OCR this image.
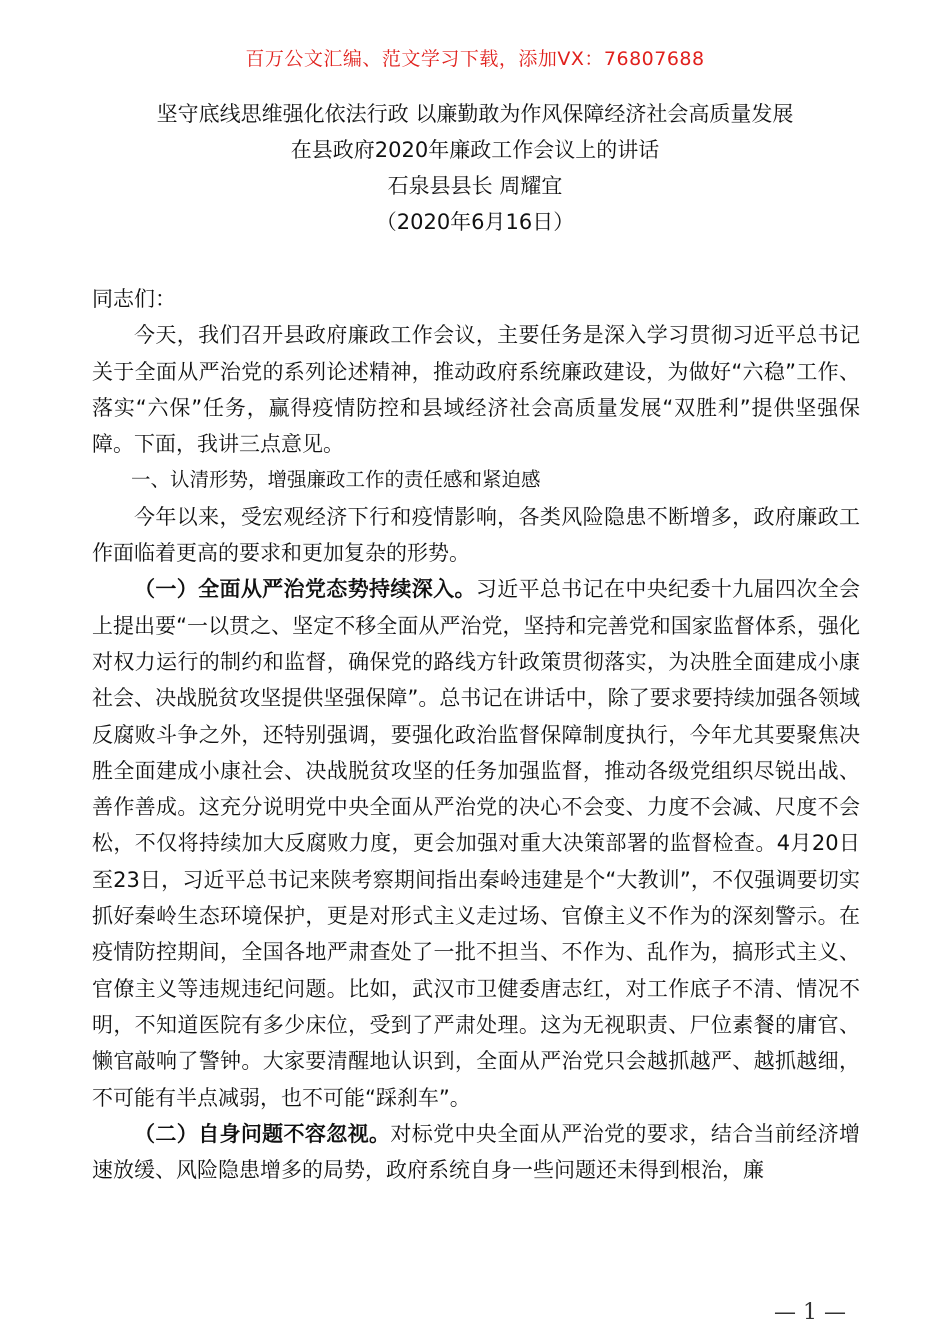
百万公文汇编、范文学习下载，添加VX：76807688
坚守底线思维强化依法行政 以廉勤敢为作风保障经济社会高质量发展
在县政府2020年廉政工作会议上的讲话
石泉县县长 周耀宜
（2020年6月16日）

同志们：

今天，我们召开县政府廉政工作会议，主要任务是深入学习贯彻习近平总书记关于全面从严治党的系列论述精神，推动政府系统廉政建设，为做好“六稳”工作、落实“六保”任务，赢得疫情防控和县域经济社会高质量发展“双胜利”提供坚强保障。下面，我讲三点意见。

一、认清形势，增强廉政工作的责任感和紧迫感

今年以来，受宏观经济下行和疫情影响，各类风险隐患不断增多，政府廉政工作面临着更高的要求和更加复杂的形势。

（一）全面从严治党态势持续深入。习近平总书记在中央纪委十九届四次全会上提出要“一以贯之、坚定不移全面从严治党，坚持和完善党和国家监督体系，强化对权力运行的制约和监督，确保党的路线方针政策贯彻落实，为决胜全面建成小康社会、决战脱贫攻坚提供坚强保障”。总书记在讲话中，除了要求要持续加强各领域反腐败斗争之外，还特别强调，要强化政治监督保障制度执行，今年尤其要聚焦决胜全面建成小康社会、决战脱贫攻坚的任务加强监督，推动各级党组织尽锐出战、善作善成。这充分说明党中央全面从严治党的决心不会变、力度不会减、尺度不会松，不仅将持续加大反腐败力度，更会加强对重大决策部署的监督检查。4月20日至23日，习近平总书记来陕考察期间指出秦岭违建是个“大教训”，不仅强调要切实抓好秦岭生态环境保护，更是对形式主义走过场、官僚主义不作为的深刻警示。在疫情防控期间，全国各地严肃查处了一批不担当、不作为、乱作为，搞形式主义、官僚主义等违规违纪问题。比如，武汉市卫健委唐志红，对工作底子不清、情况不明，不知道医院有多少床位，受到了严肃处理。这为无视职责、尸位素餐的庸官、懒官敲响了警钟。大家要清醒地认识到，全面从严治党只会越抓越严、越抓越细，不可能有半点减弱，也不可能“踩刹车”。

（二）自身问题不容忽视。对标党中央全面从严治党的要求，结合当前经济增速放缓、风险隐患增多的局势，政府系统自身一些问题还未得到根治，廉

— 1 —
